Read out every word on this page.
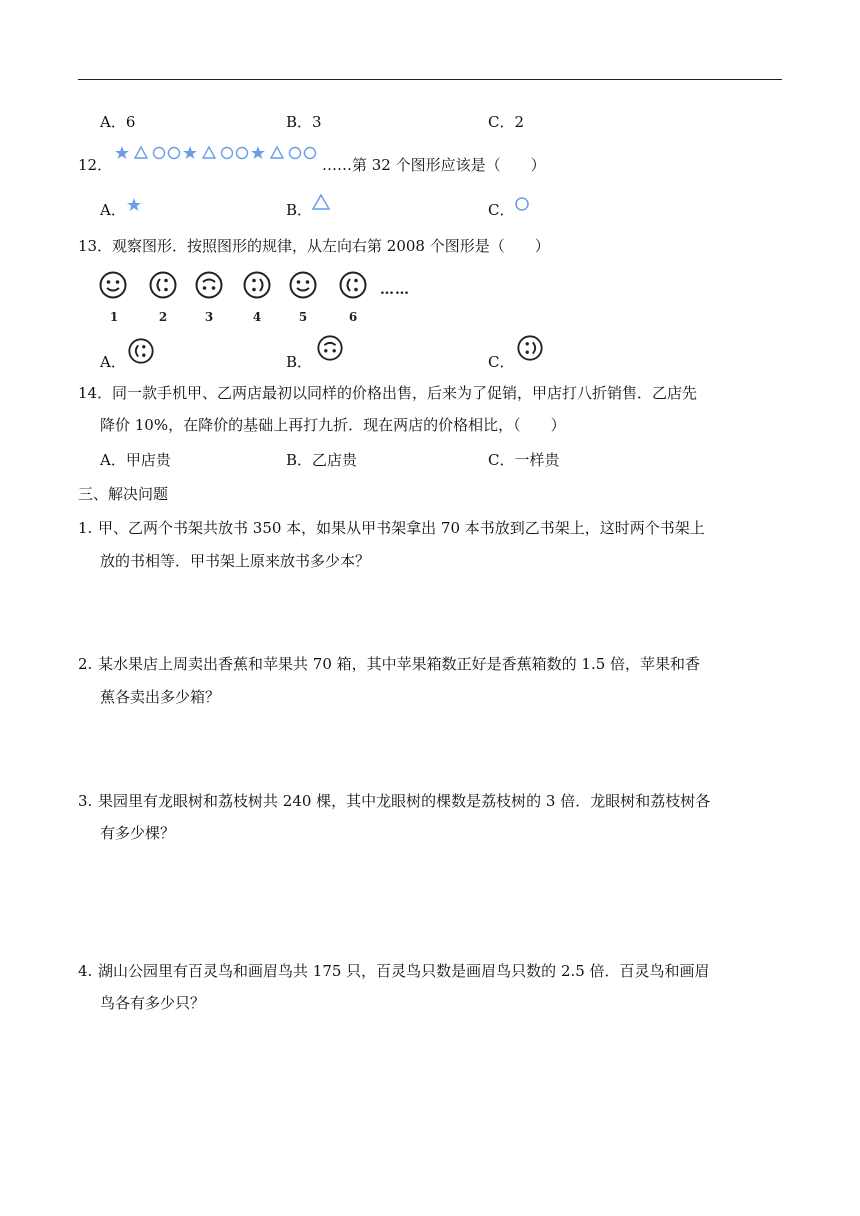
A．6	B．3	C．2
12．	……第 32 个图形应该是（　　）
A．	B．	C．
13． 观察图形．按照图形的规律，从左向右第 2008 个图形是（　　）
……
1	2	3	4	5	6
A．	B．	C．
14． 同一款手机甲、乙两店最初以同样的价格出售，后来为了促销，甲店打八折销售．乙店先
降价 10%，在降价的基础上再打九折．现在两店的价格相比，（　　）
A．甲店贵	B．乙店贵	C．一样贵
三、解决问题
1. 甲、乙两个书架共放书 350 本，如果从甲书架拿出 70 本书放到乙书架上，这时两个书架上
放的书相等．甲书架上原来放书多少本？
2. 某水果店上周卖出香蕉和苹果共 70 箱，其中苹果箱数正好是香蕉箱数的 1.5 倍，苹果和香
蕉各卖出多少箱？
3. 果园里有龙眼树和荔枝树共 240 棵，其中龙眼树的棵数是荔枝树的 3 倍．龙眼树和荔枝树各
有多少棵？
4. 湖山公园里有百灵鸟和画眉鸟共 175 只，百灵鸟只数是画眉鸟只数的 2.5 倍．百灵鸟和画眉
鸟各有多少只？
